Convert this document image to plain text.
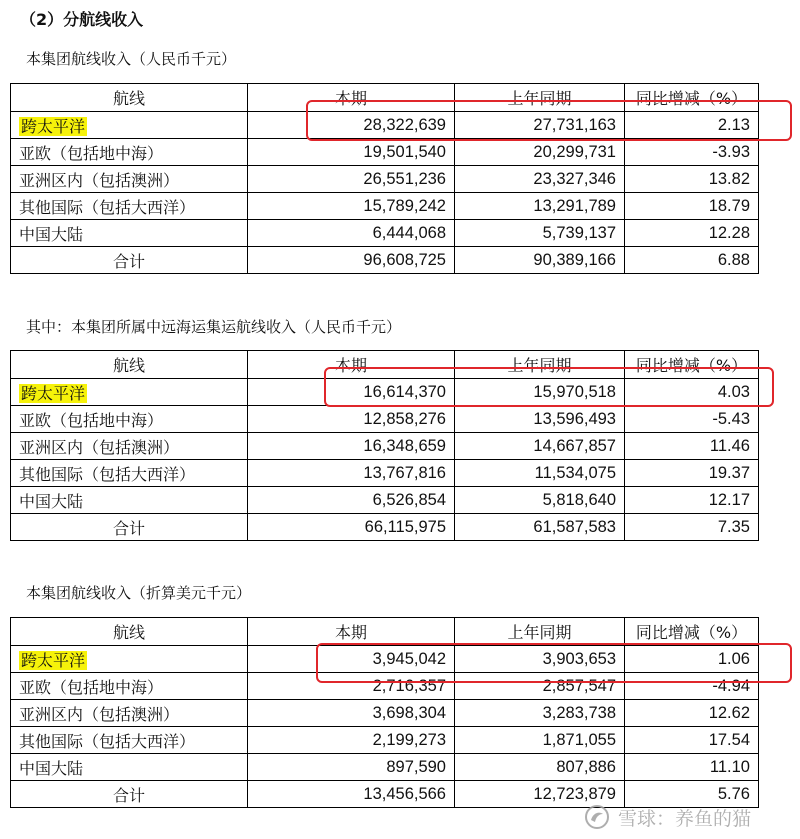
（2）分航线收入
本集团航线收入（人民币千元）
航线	本期	上年同期	同比增减（%）
跨太平洋	28,322,639	27,731,163	2.13
亚欧（包括地中海）	19,501,540	20,299,731	-3.93
亚洲区内（包括澳洲）	26,551,236	23,327,346	13.82
其他国际（包括大西洋）	15,789,242	13,291,789	18.79
中国大陆	6,444,068	5,739,137	12.28
合计	96,608,725	90,389,166	6.88
其中：本集团所属中远海运集运航线收入（人民币千元）
航线	本期	上年同期	同比增减（%）
跨太平洋	16,614,370	15,970,518	4.03
亚欧（包括地中海）	12,858,276	13,596,493	-5.43
亚洲区内（包括澳洲）	16,348,659	14,667,857	11.46
其他国际（包括大西洋）	13,767,816	11,534,075	19.37
中国大陆	6,526,854	5,818,640	12.17
合计	66,115,975	61,587,583	7.35
本集团航线收入（折算美元千元）
航线	本期	上年同期	同比增减（%）
跨太平洋	3,945,042	3,903,653	1.06
亚欧（包括地中海）	2,716,357	2,857,547	-4.94
亚洲区内（包括澳洲）	3,698,304	3,283,738	12.62
其他国际（包括大西洋）	2,199,273	1,871,055	17.54
中国大陆	897,590	807,886	11.10
合计	13,456,566	12,723,879	5.76
雪球：养鱼的猫
